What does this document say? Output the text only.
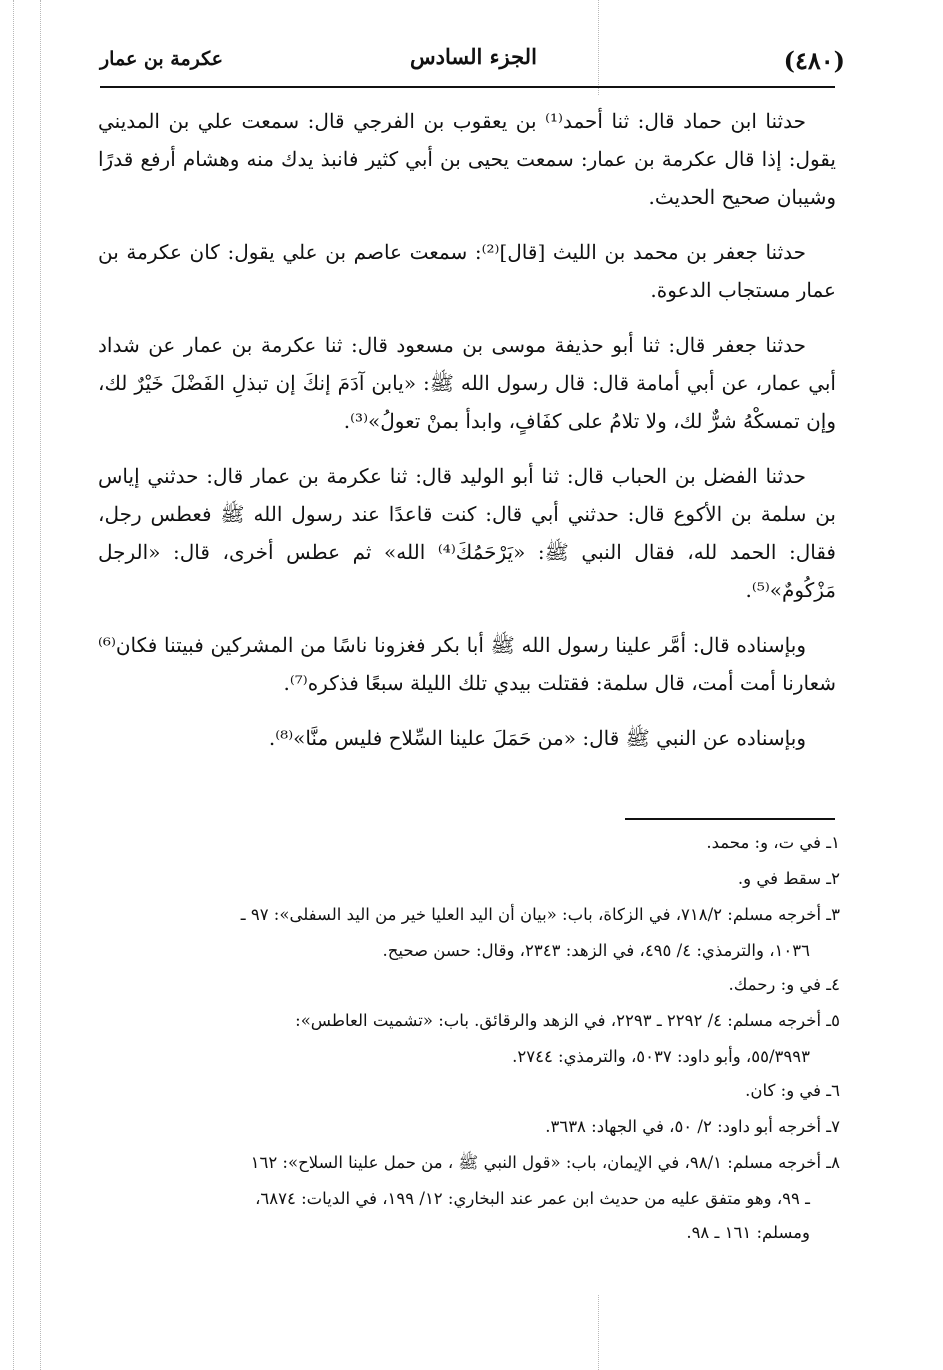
(٤٨٠)
الجزء السادس
عكرمة بن عمار

حدثنا ابن حماد قال: ثنا أحمد⁽¹⁾ بن يعقوب بن الفرجي قال: سمعت علي بن المديني يقول: إذا قال عكرمة بن عمار: سمعت يحيى بن أبي كثير فانبذ يدك منه وهشام أرفع قدرًا وشيبان صحيح الحديث.

حدثنا جعفر بن محمد بن الليث [قال]⁽²⁾: سمعت عاصم بن علي يقول: كان عكرمة بن عمار مستجاب الدعوة.

حدثنا جعفر قال: ثنا أبو حذيفة موسى بن مسعود قال: ثنا عكرمة بن عمار عن شداد أبي عمار، عن أبي أمامة قال: قال رسول الله ﷺ: «يابن آدَمَ إنكَ إن تبذلِ الفَضْلَ خَيْرٌ لك، وإن تمسكْهُ شرٌّ لك، ولا تلامُ على كفَافٍ، وابدأ بمنْ تعولُ»⁽³⁾.

حدثنا الفضل بن الحباب قال: ثنا أبو الوليد قال: ثنا عكرمة بن عمار قال: حدثني إياس بن سلمة بن الأكوع قال: حدثني أبي قال: كنت قاعدًا عند رسول الله ﷺ فعطس رجل، فقال: الحمد لله، فقال النبي ﷺ: «يَرْحَمُكَ⁽⁴⁾ الله» ثم عطس أخرى، قال: «الرجل مَزْكُومٌ»⁽⁵⁾.

وبإسناده قال: أمَّر علينا رسول الله ﷺ أبا بكر فغزونا ناسًا من المشركين فبيتنا فكان⁽⁶⁾ شعارنا أمت أمت، قال سلمة: فقتلت بيدي تلك الليلة سبعًا فذكره⁽⁷⁾.

وبإسناده عن النبي ﷺ قال: «من حَمَلَ علينا السِّلاح فليس منَّا»⁽⁸⁾.

١ـ في ت، و: محمد.
٢ـ سقط في و.
٣ـ أخرجه مسلم: ٧١٨/٢، في الزكاة، باب: «بيان أن اليد العليا خير من اليد السفلى»: ٩٧ ـ
١٠٣٦، والترمذي: ٤/ ٤٩٥، في الزهد: ٢٣٤٣، وقال: حسن صحيح.
٤ـ في و: رحمك.
٥ـ أخرجه مسلم: ٤/ ٢٢٩٢ ـ ٢٢٩٣، في الزهد والرقائق. باب: «تشميت العاطس»:
٥٥/٣٩٩٣، وأبو داود: ٥٠٣٧، والترمذي: ٢٧٤٤.
٦ـ في و: كان.
٧ـ أخرجه أبو داود: ٢/ ٥٠، في الجهاد: ٣٦٣٨.
٨ـ أخرجه مسلم: ٩٨/١، في الإيمان، باب: «قول النبي ﷺ ، من حمل علينا السلاح»: ١٦٢
ـ ٩٩، وهو متفق عليه من حديث ابن عمر عند البخاري: ١٢/ ١٩٩، في الديات: ٦٨٧٤،
ومسلم: ١٦١ ـ ٩٨.
